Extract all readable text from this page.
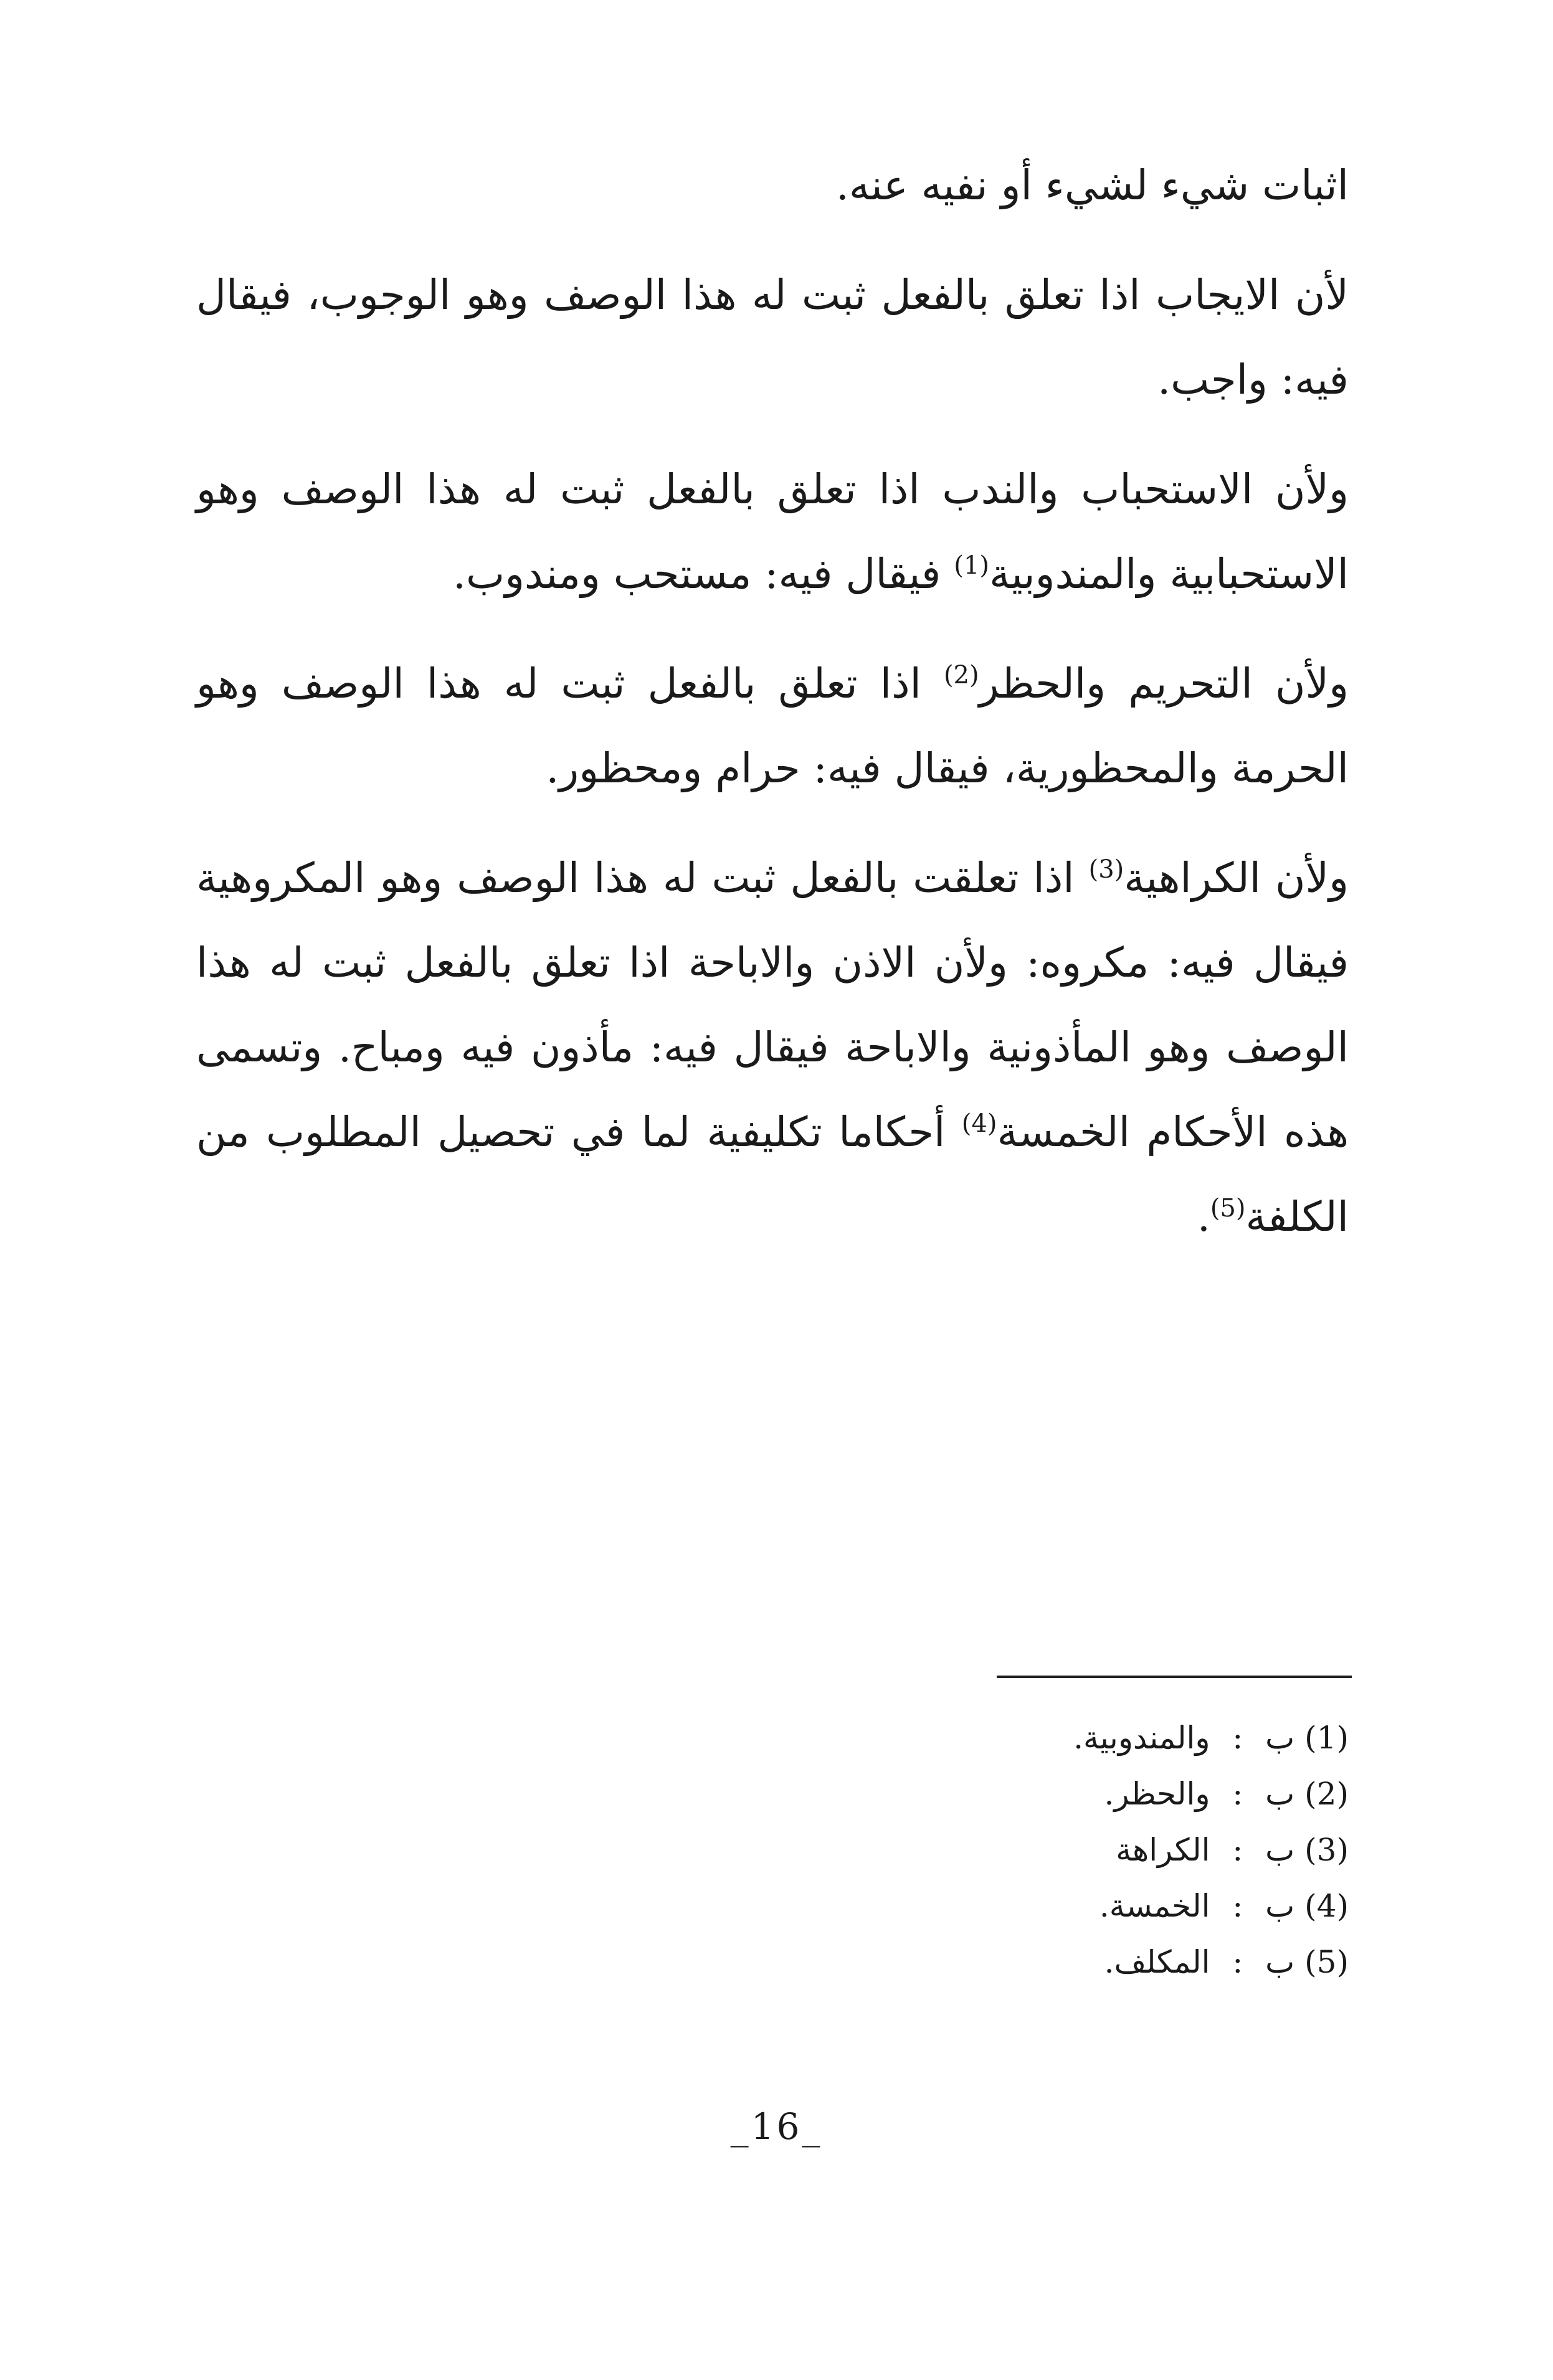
اثبات شيء لشيء أو نفيه عنه.

لأن الايجاب اذا تعلق بالفعل ثبت له هذا الوصف وهو الوجوب، فيقال فيه: واجب.

ولأن الاستحباب والندب اذا تعلق بالفعل ثبت له هذا الوصف وهو الاستحبابية والمندوبية$^{(1)}$ فيقال فيه: مستحب ومندوب.

ولأن التحريم والحظر$^{(2)}$ اذا تعلق بالفعل ثبت له هذا الوصف وهو الحرمة والمحظورية، فيقال فيه: حرام ومحظور.

ولأن الكراهية$^{(3)}$ اذا تعلقت بالفعل ثبت له هذا الوصف وهو المكروهية فيقال فيه: مكروه: ولأن الاذن والاباحة اذا تعلق بالفعل ثبت له هذا الوصف وهو المأذونية والاباحة فيقال فيه: مأذون فيه ومباح. وتسمى هذه الأحكام الخمسة$^{(4)}$ أحكاما تكليفية لما في تحصيل المطلوب من الكلفة$^{(5)}$.

(1) ب : والمندوبية.
(2) ب : والحظر.
(3) ب : الكراهة
(4) ب : الخمسة.
(5) ب : المكلف.
_16_
